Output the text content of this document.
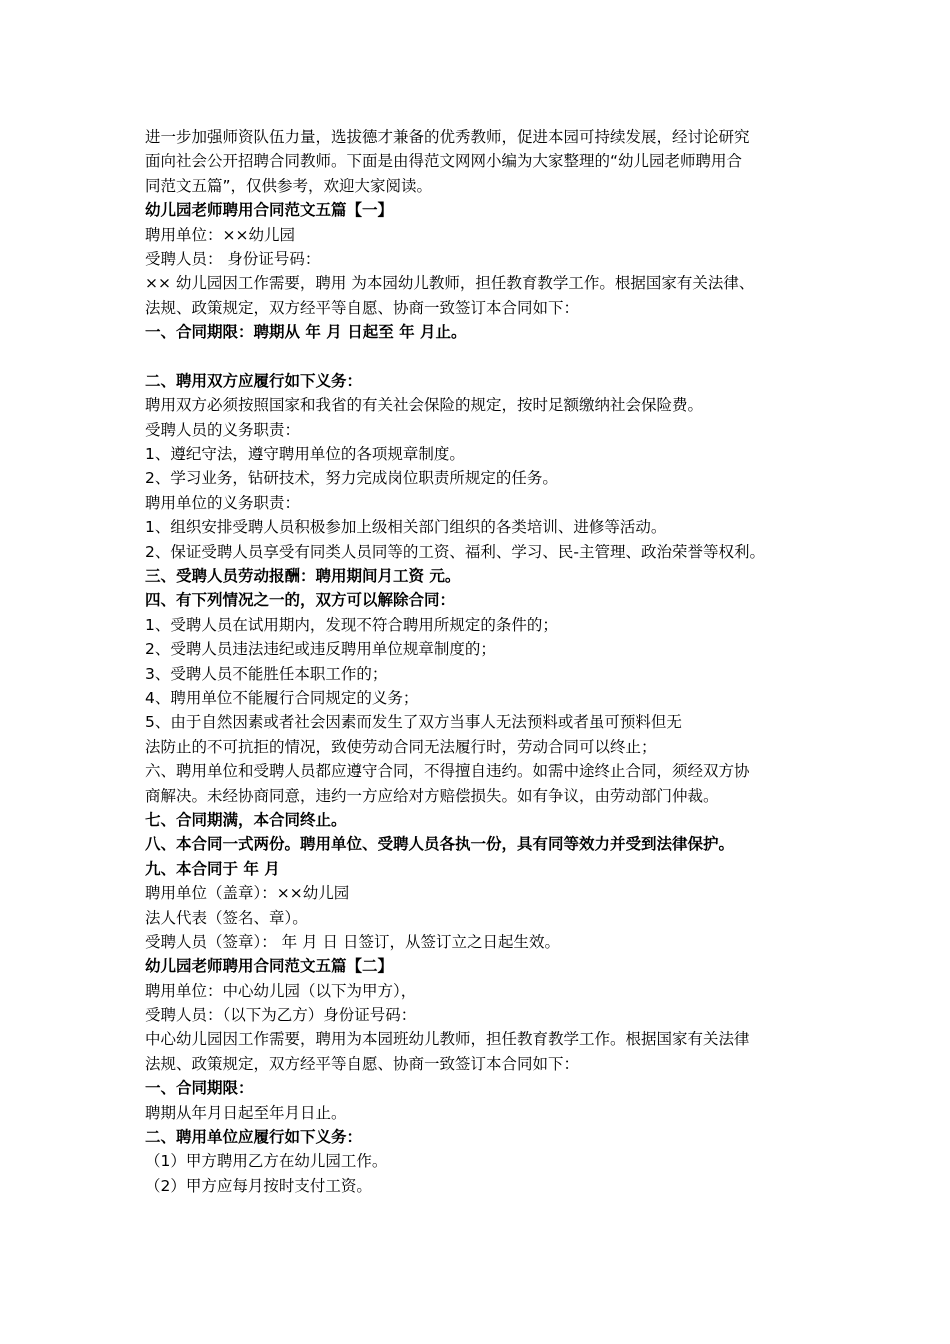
进一步加强师资队伍力量，选拔德才兼备的优秀教师，促进本园可持续发展，经讨论研究
面向社会公开招聘合同教师。下面是由得范文网网小编为大家整理的“幼儿园老师聘用合
同范文五篇”，仅供参考，欢迎大家阅读。
幼儿园老师聘用合同范文五篇【一】
聘用单位：××幼儿园
受聘人员： 身份证号码：
×× 幼儿园因工作需要，聘用 为本园幼儿教师，担任教育教学工作。根据国家有关法律、
法规、政策规定，双方经平等自愿、协商一致签订本合同如下：
一、合同期限：聘期从 年 月 日起至 年 月止。
二、聘用双方应履行如下义务：
聘用双方必须按照国家和我省的有关社会保险的规定，按时足额缴纳社会保险费。
受聘人员的义务职责：
1、遵纪守法，遵守聘用单位的各项规章制度。
2、学习业务，钻研技术，努力完成岗位职责所规定的任务。
聘用单位的义务职责：
1、组织安排受聘人员积极参加上级相关部门组织的各类培训、进修等活动。
2、保证受聘人员享受有同类人员同等的工资、福利、学习、民-主管理、政治荣誉等权利。
三、受聘人员劳动报酬：聘用期间月工资 元。
四、有下列情况之一的，双方可以解除合同：
1、受聘人员在试用期内，发现不符合聘用所规定的条件的；
2、受聘人员违法违纪或违反聘用单位规章制度的；
3、受聘人员不能胜任本职工作的；
4、聘用单位不能履行合同规定的义务；
5、由于自然因素或者社会因素而发生了双方当事人无法预料或者虽可预料但无
法防止的不可抗拒的情况，致使劳动合同无法履行时，劳动合同可以终止；
六、聘用单位和受聘人员都应遵守合同，不得擅自违约。如需中途终止合同，须经双方协
商解决。未经协商同意，违约一方应给对方赔偿损失。如有争议，由劳动部门仲裁。
七、合同期满，本合同终止。
八、本合同一式两份。聘用单位、受聘人员各执一份，具有同等效力并受到法律保护。
九、本合同于 年 月
聘用单位（盖章）：××幼儿园
法人代表（签名、章）。
受聘人员（签章）： 年 月 日 日签订，从签订立之日起生效。
幼儿园老师聘用合同范文五篇【二】
聘用单位：中心幼儿园（以下为甲方），
受聘人员：（以下为乙方）身份证号码：
中心幼儿园因工作需要，聘用为本园班幼儿教师，担任教育教学工作。根据国家有关法律
法规、政策规定，双方经平等自愿、协商一致签订本合同如下：
一、合同期限：
聘期从年月日起至年月日止。
二、聘用单位应履行如下义务：
（1）甲方聘用乙方在幼儿园工作。
（2）甲方应每月按时支付工资。
